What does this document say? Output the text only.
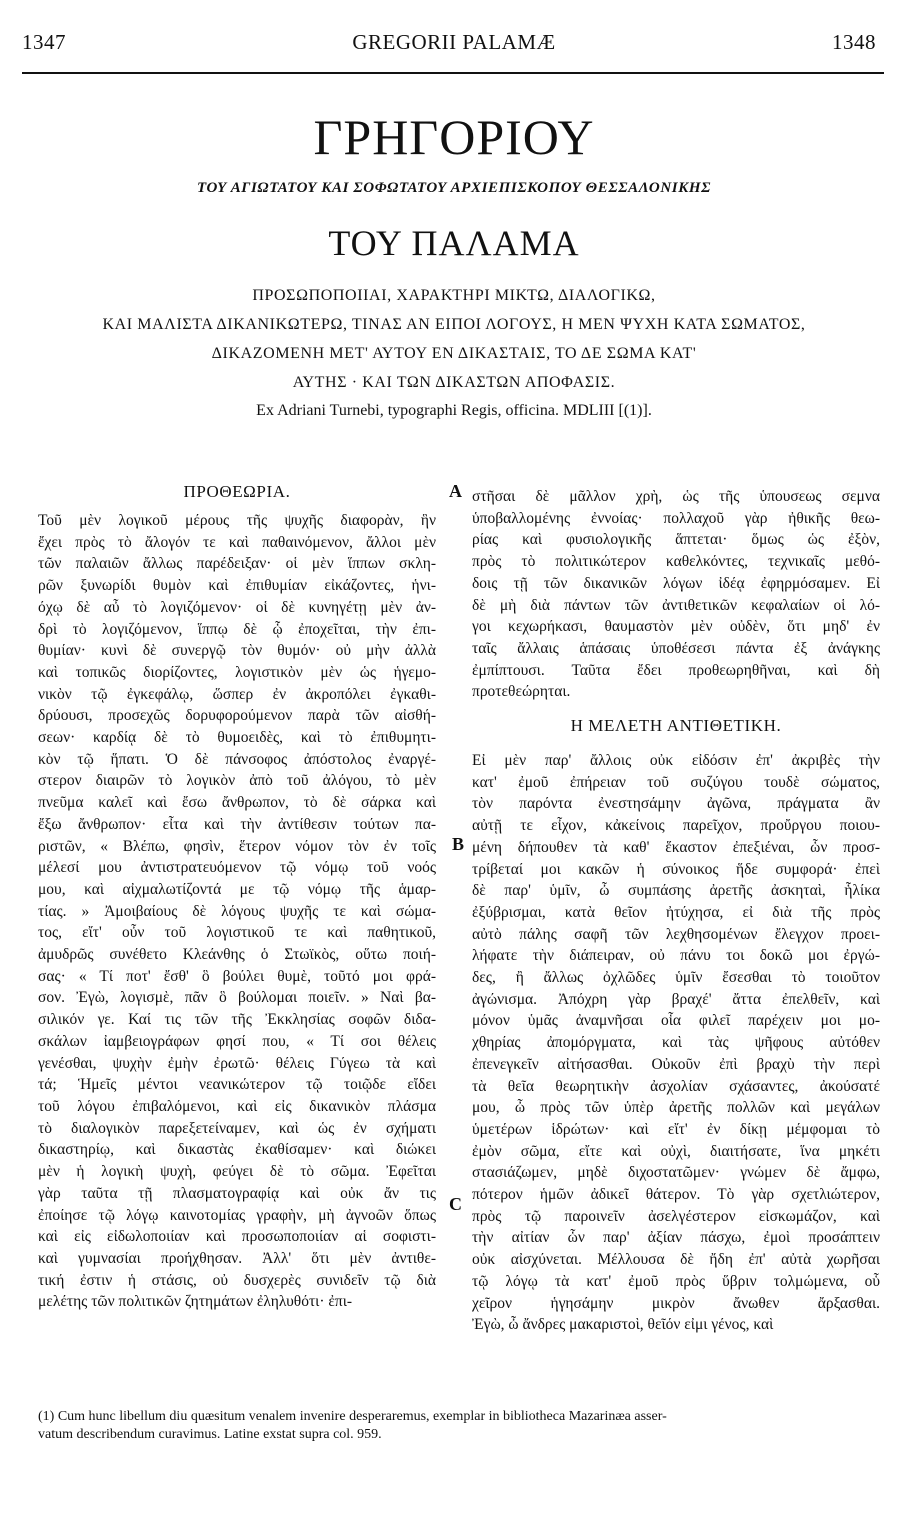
1347	GREGORII PALAMÆ	1348
ΓΡΗΓΟΡΙΟΥ
ΤΟΥ ΑΓΙΩΤΑΤΟΥ ΚΑΙ ΣΟΦΩΤΑΤΟΥ ΑΡΧΙΕΠΙΣΚΟΠΟΥ ΘΕΣΣΑΛΟΝΙΚΗΣ
ΤΟΥ ΠΑΛΑΜΑ
ΠΡΟΣΩΠΟΠΟΙΙΑΙ, ΧΑΡΑΚΤΗΡΙ ΜΙΚΤΩ, ΔΙΑΛΟΓΙΚΩ,
ΚΑΙ ΜΑΛΙΣΤΑ ΔΙΚΑΝΙΚΩΤΕΡΩ, ΤΙΝΑΣ ΑΝ ΕΙΠΟΙ ΛΟΓΟΥΣ, Η ΜΕΝ ΨΥΧΗ ΚΑΤΑ ΣΩΜΑΤΟΣ,
ΔΙΚΑΖΟΜΕΝΗ ΜΕΤ' ΑΥΤΟΥ ΕΝ ΔΙΚΑΣΤΑΙΣ, ΤΟ ΔΕ ΣΩΜΑ ΚΑΤ'
ΑΥΤΗΣ · ΚΑΙ ΤΩΝ ΔΙΚΑΣΤΩΝ ΑΠΟΦΑΣΙΣ.
Ex Adriani Turnebi, typographi Regis, officina. MDLIII [(1)].
ΠΡΟΘΕΩΡΙΑ.
Τοῦ μὲν λογικοῦ μέρους τῆς ψυχῆς διαφορὰν, ἣν
ἔχει πρὸς τὸ ἄλογόν τε καὶ παθαινόμενον, ἄλλοι μὲν
τῶν παλαιῶν ἄλλως παρέδειξαν· οἱ μὲν ἵππων σκλη-
ρῶν ξυνωρίδι θυμὸν καὶ ἐπιθυμίαν εἰκάζοντες, ἡνι-
όχῳ δὲ αὖ τὸ λογιζόμενον· οἱ δὲ κυνηγέτῃ μὲν ἀν-
δρὶ τὸ λογιζόμενον, ἵππῳ δὲ ᾧ ἐποχεῖται, τὴν ἐπι-
θυμίαν· κυνὶ δὲ συνεργῷ τὸν θυμόν· οὐ μὴν ἀλλὰ
καὶ τοπικῶς διορίζοντες, λογιστικὸν μὲν ὡς ἡγεμο-
νικὸν τῷ ἐγκεφάλῳ, ὥσπερ ἐν ἀκροπόλει ἐγκαθι-
δρύουσι, προσεχῶς δορυφορούμενον παρὰ τῶν αἰσθή-
σεων· καρδίᾳ δὲ τὸ θυμοειδὲς, καὶ τὸ ἐπιθυμητι-
κὸν τῷ ἥπατι. Ὁ δὲ πάνσοφος ἀπόστολος ἐναργέ-
στερον διαιρῶν τὸ λογικὸν ἀπὸ τοῦ ἀλόγου, τὸ μὲν
πνεῦμα καλεῖ καὶ ἔσω ἄνθρωπον, τὸ δὲ σάρκα καὶ
ἔξω ἄνθρωπον· εἶτα καὶ τὴν ἀντίθεσιν τούτων πα-
ριστῶν, « Βλέπω, φησὶν, ἕτερον νόμον τὸν ἐν τοῖς
μέλεσί μου ἀντιστρατευόμενον τῷ νόμῳ τοῦ νοός
μου, καὶ αἰχμαλωτίζοντά με τῷ νόμῳ τῆς ἁμαρ-
τίας. » Ἀμοιβαίους δὲ λόγους ψυχῆς τε καὶ σώμα-
τος, εἴτ' οὖν τοῦ λογιστικοῦ τε καὶ παθητικοῦ,
ἀμυδρῶς συνέθετο Κλεάνθης ὁ Στωϊκὸς, οὕτω ποιή-
σας· « Τί ποτ' ἔσθ' ὃ βούλει θυμὲ, τοῦτό μοι φρά-
σον. Ἐγὼ, λογισμὲ, πᾶν ὃ βούλομαι ποιεῖν. » Ναὶ βα-
σιλικόν γε. Καί τις τῶν τῆς Ἐκκλησίας σοφῶν διδα-
σκάλων ἰαμβειογράφων φησί που, « Τί σοι θέλεις
γενέσθαι, ψυχὴν ἐμὴν ἐρωτῶ· θέλεις Γύγεω τὰ καὶ
τά; Ἡμεῖς μέντοι νεανικώτερον τῷ τοιῷδε εἴδει
τοῦ λόγου ἐπιβαλόμενοι, καὶ εἰς δικανικὸν πλάσμα
τὸ διαλογικὸν παρεξετείναμεν, καὶ ὡς ἐν σχήματι
δικαστηρίῳ, καὶ δικαστὰς ἐκαθίσαμεν· καὶ διώκει
μὲν ἡ λογικὴ ψυχὴ, φεύγει δὲ τὸ σῶμα. Ἐφεῖται
γὰρ ταῦτα τῇ πλασματογραφίᾳ καὶ οὐκ ἄν τις
ἐποίησε τῷ λόγῳ καινοτομίας γραφὴν, μὴ ἀγνοῶν ὅπως
καὶ εἰς εἰδωλοποιίαν καὶ προσωποποιίαν αἱ σοφιστι-
καὶ γυμνασίαι προήχθησαν. Ἀλλ' ὅτι μὲν ἀντιθε-
τική ἐστιν ἡ στάσις, οὐ δυσχερὲς συνιδεῖν τῷ διὰ
μελέτης τῶν πολιτικῶν ζητημάτων ἐληλυθότι· ἐπι-
A
B
C
στῆσαι δὲ μᾶλλον χρὴ, ὡς τῆς ὑπουσεως σεμνα
ὑποβαλλομένης ἐννοίας· πολλαχοῦ γὰρ ἠθικῆς θεω-
ρίας καὶ φυσιολογικῆς ἅπτεται· ὅμως ὡς ἐξὸν,
πρὸς τὸ πολιτικώτερον καθελκόντες, τεχνικαῖς μεθό-
δοις τῇ τῶν δικανικῶν λόγων ἰδέᾳ ἐφηρμόσαμεν. Εἰ
δὲ μὴ διὰ πάντων τῶν ἀντιθετικῶν κεφαλαίων οἱ λό-
γοι κεχωρήκασι, θαυμαστὸν μὲν οὐδὲν, ὅτι μηδ' ἐν
ταῖς ἄλλαις ἁπάσαις ὑποθέσεσι πάντα ἐξ ἀνάγκης
ἐμπίπτουσι. Ταῦτα ἔδει προθεωρηθῆναι, καὶ δὴ
προτεθεώρηται.
Η ΜΕΛΕΤΗ ΑΝΤΙΘΕΤΙΚΗ.
Εἰ μὲν παρ' ἄλλοις οὐκ εἰδόσιν ἐπ' ἀκριβὲς τὴν
κατ' ἐμοῦ ἐπήρειαν τοῦ συζύγου τουδὲ σώματος,
τὸν παρόντα ἐνεστησάμην ἀγῶνα, πράγματα ἂν
αὐτῇ τε εἶχον, κἀκείνοις παρεῖχον, προὔργου ποιου-
μένη δήπουθεν τὰ καθ' ἕκαστον ἐπεξιέναι, ὧν προσ-
τρίβεταί μοι κακῶν ἡ σύνοικος ἥδε συμφορά· ἐπεὶ
δὲ παρ' ὑμῖν, ὦ συμπάσης ἀρετῆς ἀσκηταὶ, ἧλίκα
ἐξύβρισμαι, κατὰ θεῖον ἠτύχησα, εἰ διὰ τῆς πρὸς
αὐτὸ πάλης σαφῆ τῶν λεχθησομένων ἔλεγχον προει-
λήφατε τὴν διάπειραν, οὐ πάνυ τοι δοκῶ μοι ἐργώ-
δες, ἢ ἄλλως ὀχλῶδες ὑμῖν ἔσεσθαι τὸ τοιοῦτον
ἀγώνισμα. Ἀπόχρη γὰρ βραχέ' ἄττα ἐπελθεῖν, καὶ
μόνον ὑμᾶς ἀναμνῆσαι οἷα φιλεῖ παρέχειν μοι μο-
χθηρίας ἀπομόργματα, καὶ τὰς ψῆφους αὐτόθεν
ἐπενεγκεῖν αἰτήσασθαι. Οὐκοῦν ἐπὶ βραχὺ τὴν περὶ
τὰ θεῖα θεωρητικὴν ἀσχολίαν σχάσαντες, ἀκούσατέ
μου, ὦ πρὸς τῶν ὑπὲρ ἀρετῆς πολλῶν καὶ μεγάλων
ὑμετέρων ἱδρώτων· καὶ εἴτ' ἐν δίκῃ μέμφομαι τὸ
ἐμὸν σῶμα, εἴτε καὶ οὐχὶ, διαιτήσατε, ἵνα μηκέτι
στασιάζωμεν, μηδὲ διχοστατῶμεν· γνώμεν δὲ ἄμφω,
πότερον ἡμῶν ἀδικεῖ θάτερον. Τὸ γὰρ σχετλιώτερον,
πρὸς τῷ παροινεῖν ἀσελγέστερον εἰσκωμάζον, καὶ
τὴν αἰτίαν ὧν παρ' ἀξίαν πάσχω, ἐμοὶ προσάπτειν
οὐκ αἰσχύνεται. Μέλλουσα δὲ ἤδη ἐπ' αὐτὰ χωρῆσαι
τῷ λόγῳ τὰ κατ' ἐμοῦ πρὸς ὕβριν τολμώμενα, οὗ
χεῖρον ἡγησάμην μικρὸν ἄνωθεν ἄρξασθαι.
Ἐγὼ, ὦ ἄνδρες μακαριστοὶ, θεῖόν εἰμι γένος, καὶ
(1) Cum hunc libellum diu quæsitum venalem invenire desperaremus, exemplar in bibliotheca Mazarinæa asser-
vatum describendum curavimus. Latine exstat supra col. 959.
